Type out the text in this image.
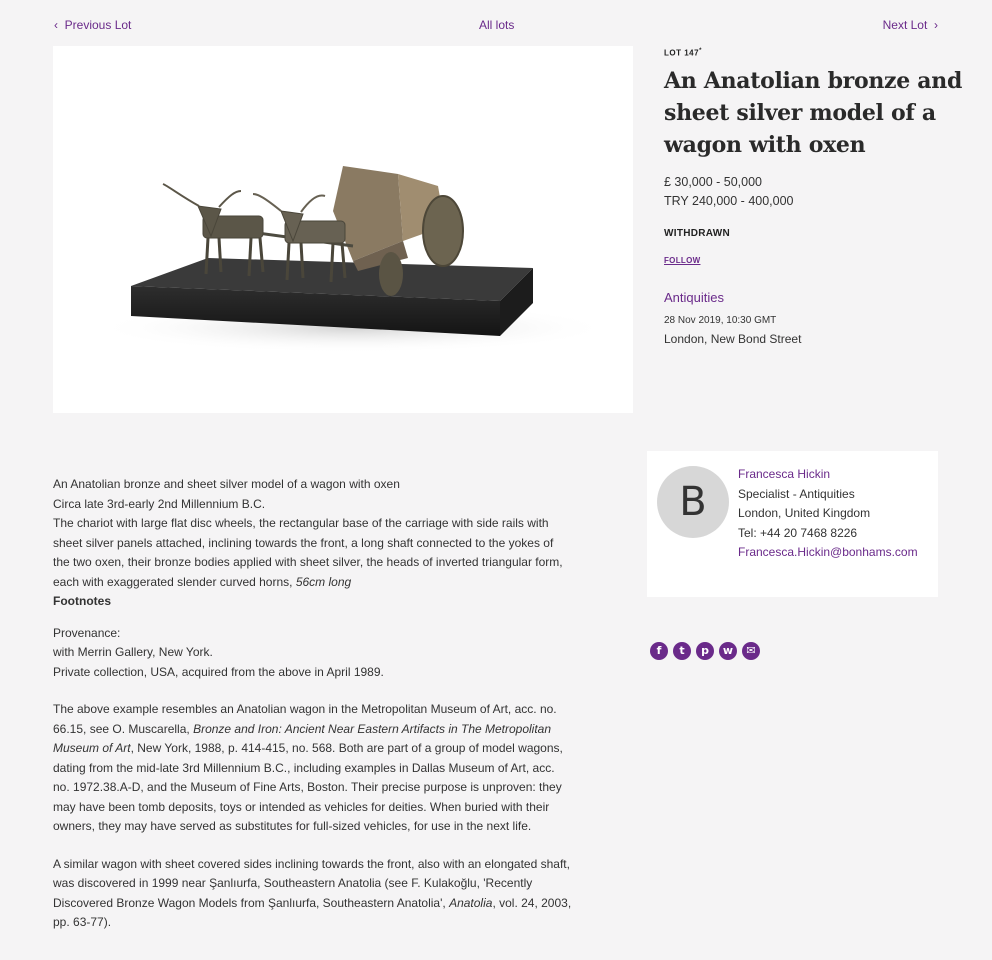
‹ Previous Lot	All lots	Next Lot ›
LOT 147*
An Anatolian bronze and sheet silver model of a wagon with oxen
£ 30,000 - 50,000
TRY 240,000 - 400,000
WITHDRAWN
FOLLOW
Antiquities
28 Nov 2019, 10:30 GMT
London, New Bond Street
An Anatolian bronze and sheet silver model of a wagon with oxen
Circa late 3rd-early 2nd Millennium B.C.
The chariot with large flat disc wheels, the rectangular base of the carriage with side rails with sheet silver panels attached, inclining towards the front, a long shaft connected to the yokes of the two oxen, their bronze bodies applied with sheet silver, the heads of inverted triangular form, each with exaggerated slender curved horns, 56cm long
Footnotes
Provenance:
with Merrin Gallery, New York.
Private collection, USA, acquired from the above in April 1989.
The above example resembles an Anatolian wagon in the Metropolitan Museum of Art, acc. no. 66.15, see O. Muscarella, Bronze and Iron: Ancient Near Eastern Artifacts in The Metropolitan Museum of Art, New York, 1988, p. 414-415, no. 568. Both are part of a group of model wagons, dating from the mid-late 3rd Millennium B.C., including examples in Dallas Museum of Art, acc. no. 1972.38.A-D, and the Museum of Fine Arts, Boston. Their precise purpose is unproven: they may have been tomb deposits, toys or intended as vehicles for deities. When buried with their owners, they may have served as substitutes for full-sized vehicles, for use in the next life.
A similar wagon with sheet covered sides inclining towards the front, also with an elongated shaft, was discovered in 1999 near Şanlıurfa, Southeastern Anatolia (see F. Kulakoğlu, 'Recently Discovered Bronze Wagon Models from Şanlıurfa, Southeastern Anatolia', Anatolia, vol. 24, 2003, pp. 63-77).
B
Francesca Hickin
Specialist - Antiquities
London, United Kingdom
Tel: +44 20 7468 8226
Francesca.Hickin@bonhams.com
f t p w ✉
